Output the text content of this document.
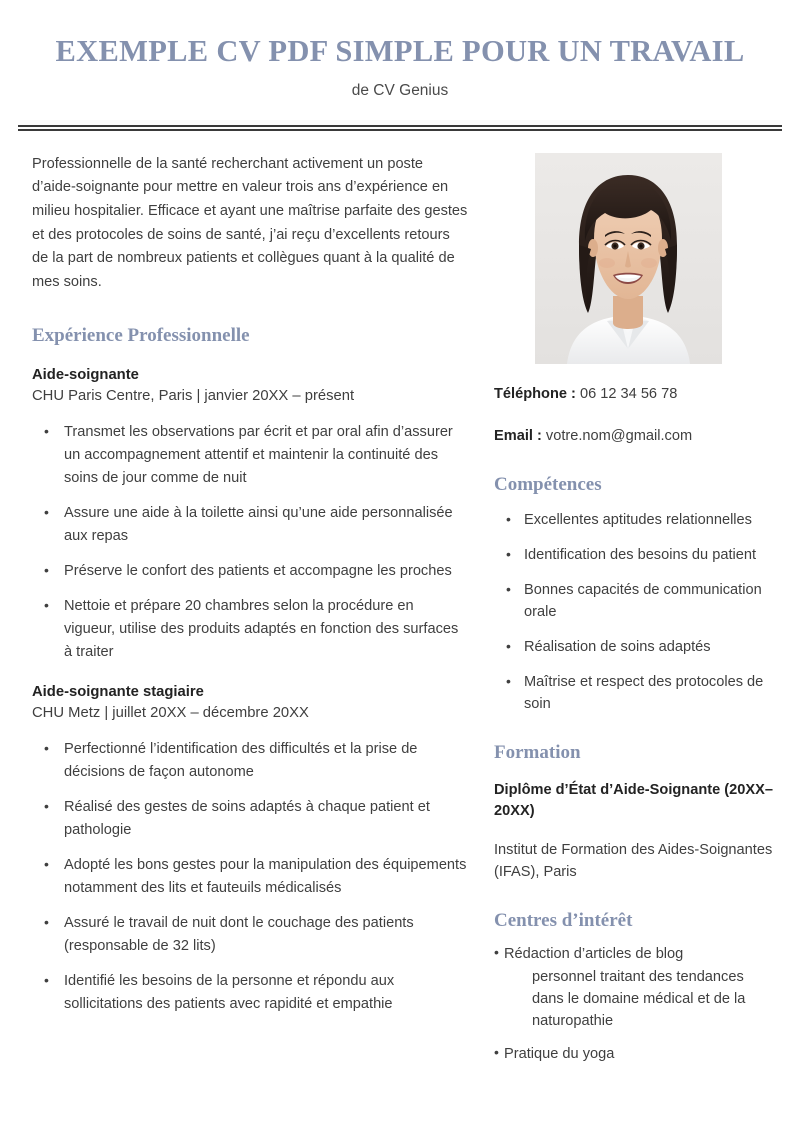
EXEMPLE CV PDF SIMPLE POUR UN TRAVAIL
de CV Genius

Professionnelle de la santé recherchant activement un poste d’aide-soignante pour mettre en valeur trois ans d’expérience en milieu hospitalier. Efficace et ayant une maîtrise parfaite des gestes et des protocoles de soins de santé, j’ai reçu d’excellents retours de la part de nombreux patients et collègues quant à la qualité de mes soins.

Expérience Professionnelle
Aide-soignante
CHU Paris Centre, Paris | janvier 20XX – présent
• Transmet les observations par écrit et par oral afin d’assurer un accompagnement attentif et maintenir la continuité des soins de jour comme de nuit
• Assure une aide à la toilette ainsi qu’une aide personnalisée aux repas
• Préserve le confort des patients et accompagne les proches
• Nettoie et prépare 20 chambres selon la procédure en vigueur, utilise des produits adaptés en fonction des surfaces à traiter
Aide-soignante stagiaire
CHU Metz | juillet 20XX – décembre 20XX
• Perfectionné l’identification des difficultés et la prise de décisions de façon autonome
• Réalisé des gestes de soins adaptés à chaque patient et pathologie
• Adopté les bons gestes pour la manipulation des équipements notamment des lits et fauteuils médicalisés
• Assuré le travail de nuit dont le couchage des patients (responsable de 32 lits)
• Identifié les besoins de la personne et répondu aux sollicitations des patients avec rapidité et empathie
Téléphone : 06 12 34 56 78
Email : votre.nom@gmail.com
Compétences
• Excellentes aptitudes relationnelles
• Identification des besoins du patient
• Bonnes capacités de communication orale
• Réalisation de soins adaptés
• Maîtrise et respect des protocoles de soin
Formation
Diplôme d’État d’Aide-Soignante (20XX–20XX)
Institut de Formation des Aides-Soignantes (IFAS), Paris
Centres d’intérêt
• Rédaction d’articles de blog
personnel traitant des tendances dans le domaine médical et de la naturopathie
• Pratique du yoga
